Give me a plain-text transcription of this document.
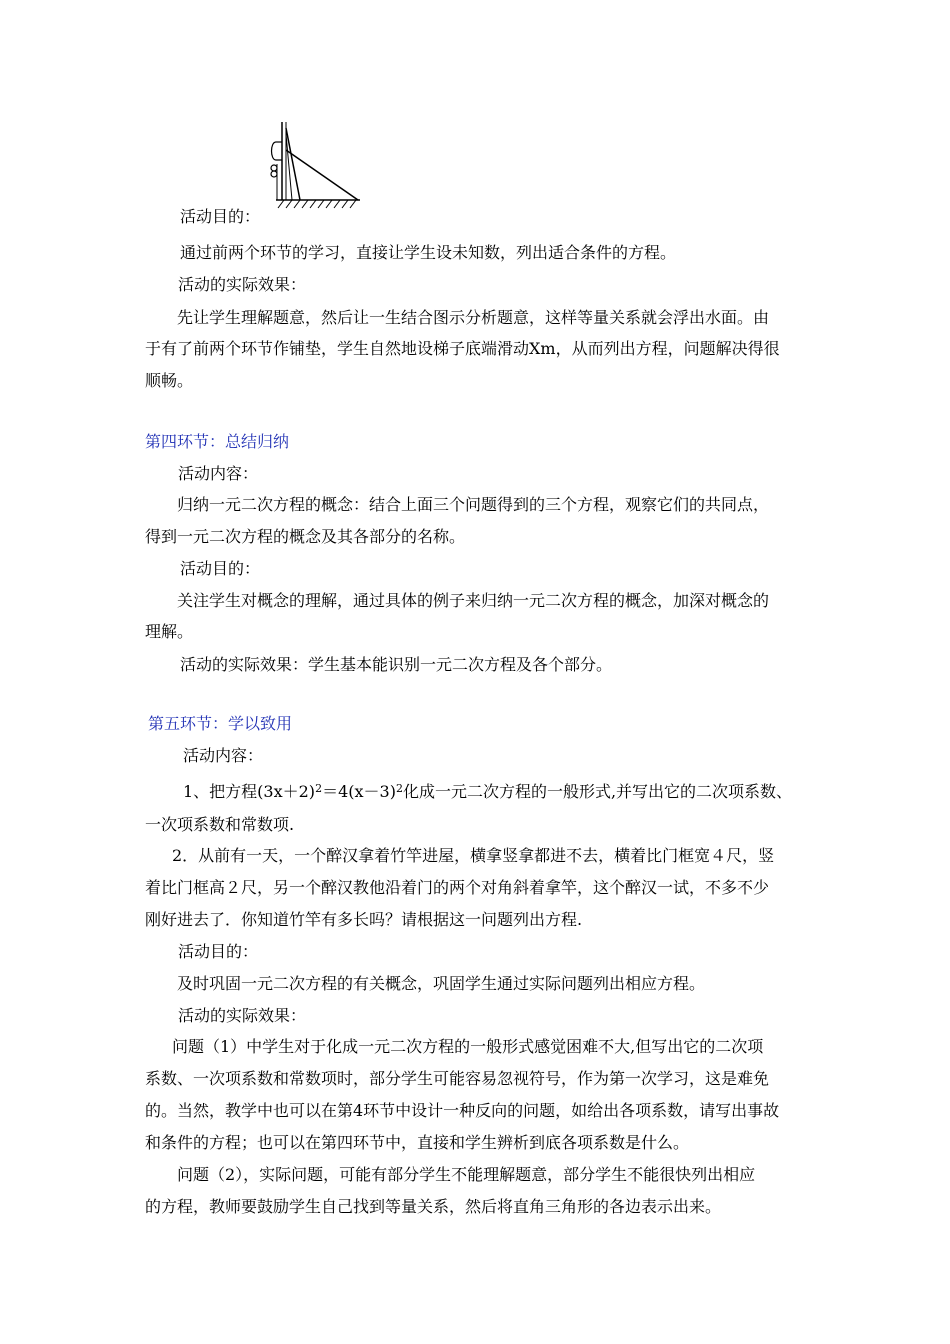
活动目的：
通过前两个环节的学习，直接让学生设未知数，列出适合条件的方程。
活动的实际效果：
先让学生理解题意，然后让一生结合图示分析题意，这样等量关系就会浮出水面。由
于有了前两个环节作铺垫，学生自然地设梯子底端滑动Xm，从而列出方程，问题解决得很
顺畅。
第四环节：总结归纳
活动内容：
归纳一元二次方程的概念：结合上面三个问题得到的三个方程，观察它们的共同点，
得到一元二次方程的概念及其各部分的名称。
活动目的：
关注学生对概念的理解，通过具体的例子来归纳一元二次方程的概念，加深对概念的
理解。
活动的实际效果：学生基本能识别一元二次方程及各个部分。
第五环节：学以致用
活动内容：
1、把方程$(3x+2)^2=4(x-3)^2$化成一元二次方程的一般形式,并写出它的二次项系数、
一次项系数和常数项.
2．从前有一天，一个醉汉拿着竹竿进屋，横拿竖拿都进不去，横着比门框宽４尺，竖
着比门框高２尺，另一个醉汉教他沿着门的两个对角斜着拿竿，这个醉汉一试，不多不少
刚好进去了．你知道竹竿有多长吗？请根据这一问题列出方程.
活动目的：
及时巩固一元二次方程的有关概念，巩固学生通过实际问题列出相应方程。
活动的实际效果：
问题（1）中学生对于化成一元二次方程的一般形式感觉困难不大,但写出它的二次项
系数、一次项系数和常数项时，部分学生可能容易忽视符号，作为第一次学习，这是难免
的。当然，教学中也可以在第4环节中设计一种反向的问题，如给出各项系数，请写出事故
和条件的方程；也可以在第四环节中，直接和学生辨析到底各项系数是什么。
问题（2），实际问题，可能有部分学生不能理解题意，部分学生不能很快列出相应
的方程，教师要鼓励学生自己找到等量关系，然后将直角三角形的各边表示出来。
